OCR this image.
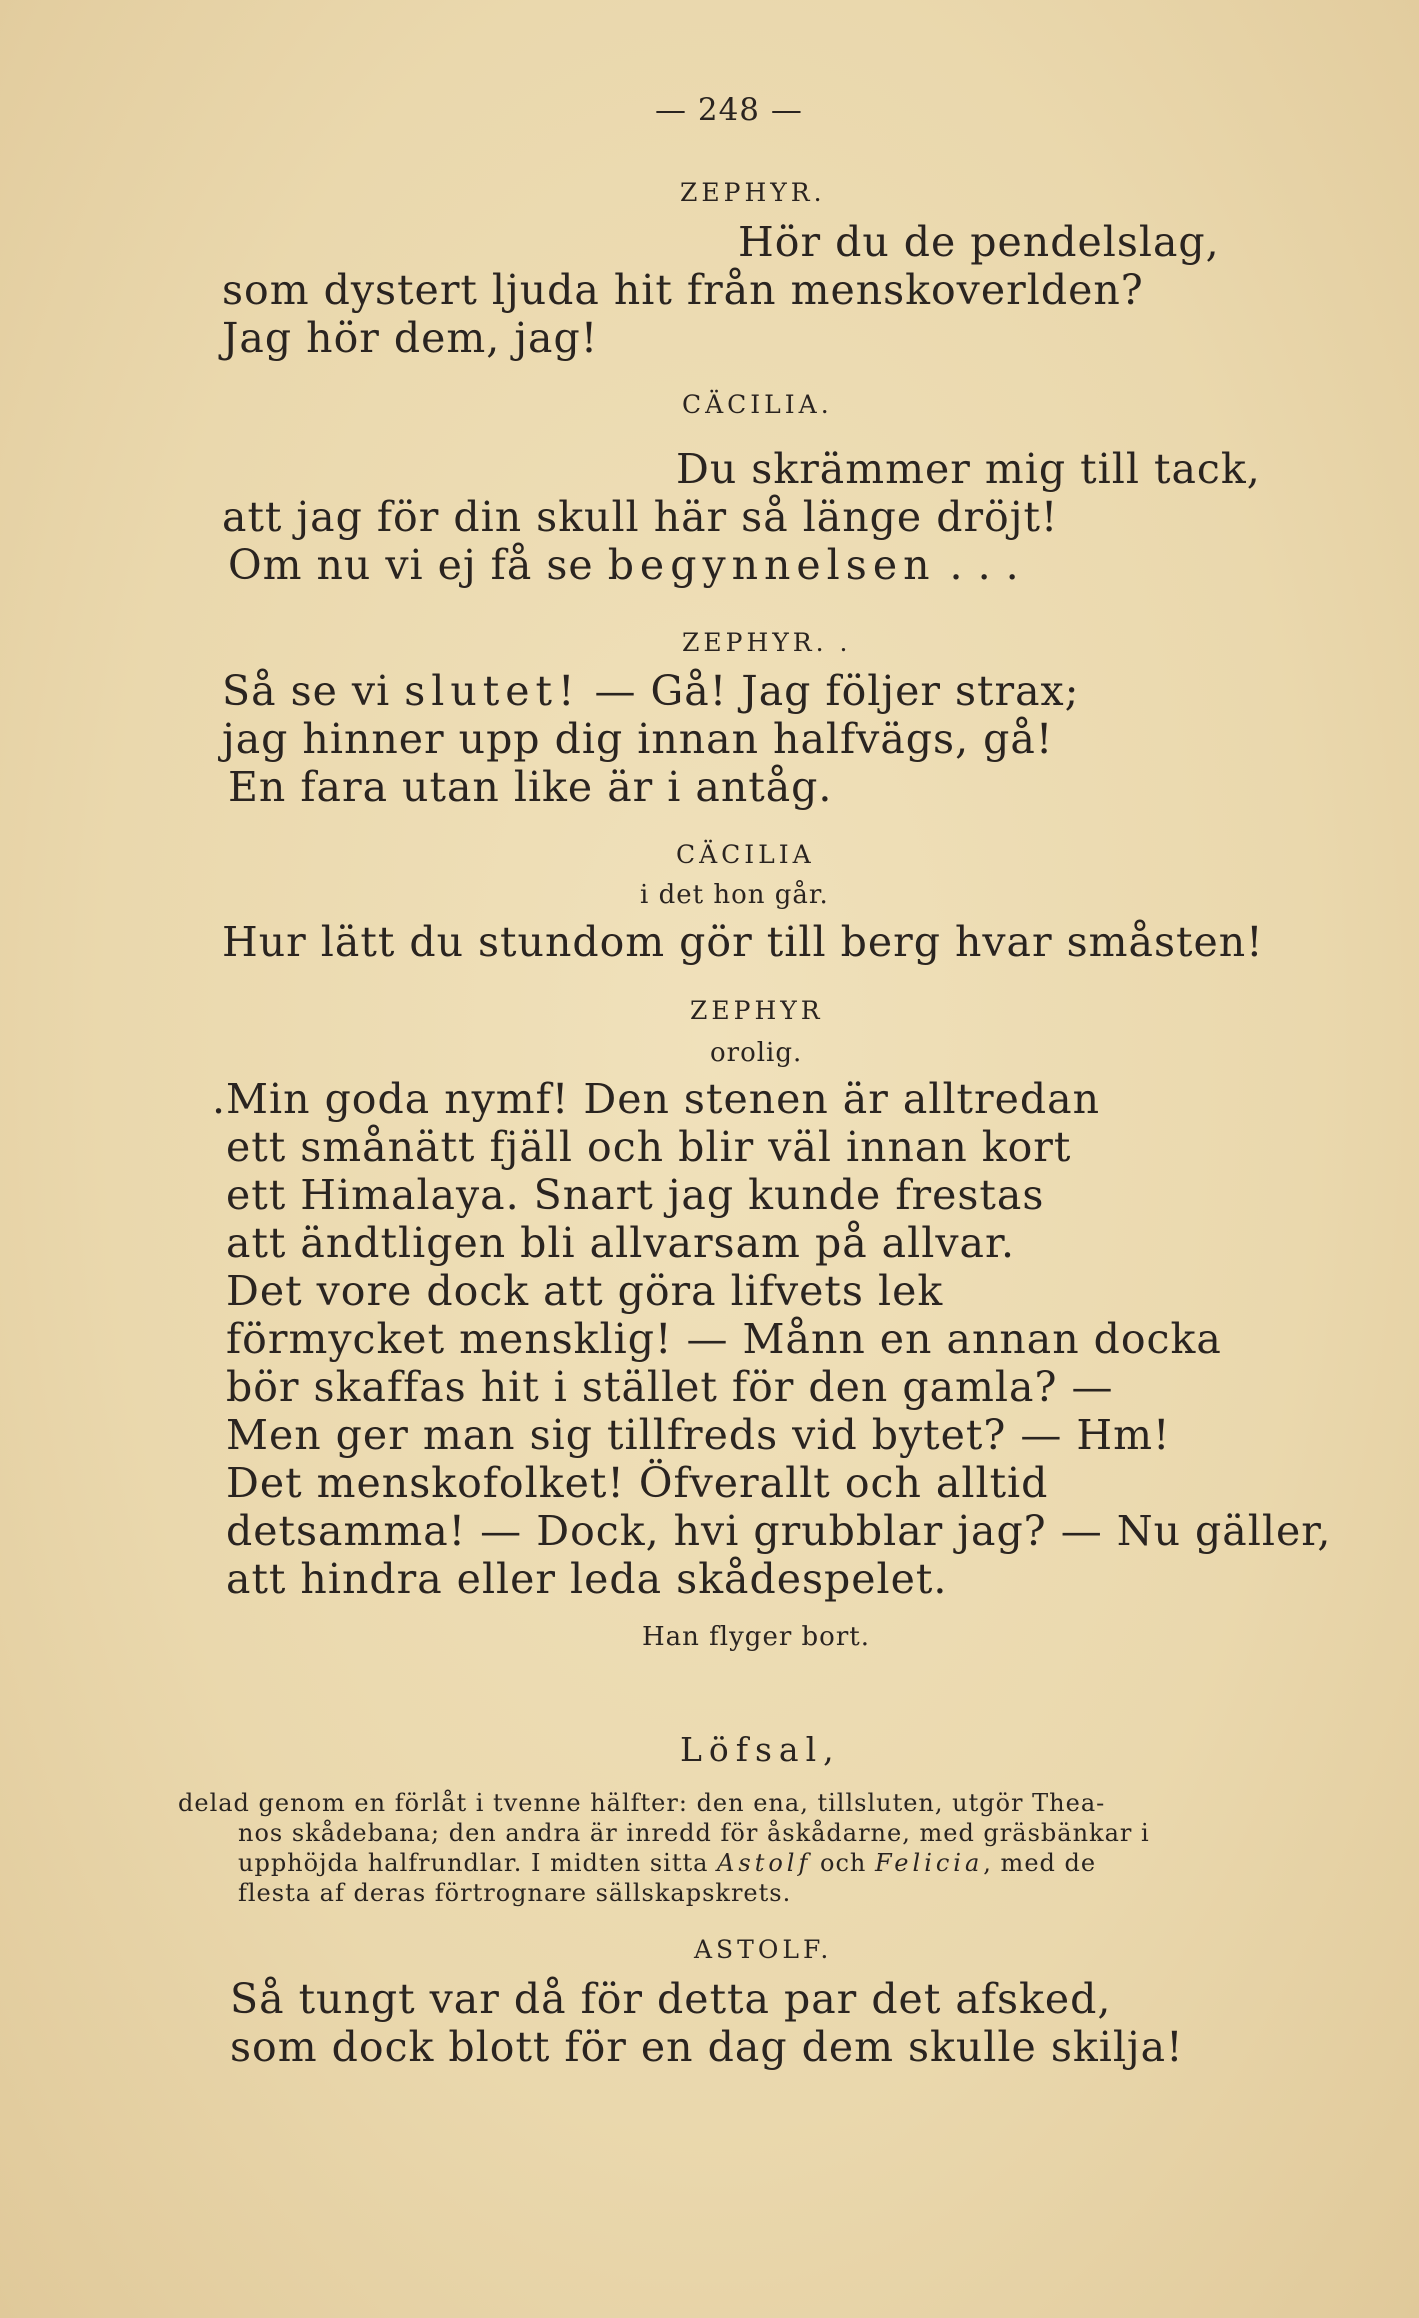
— 248 —

ZEPHYR.

Hör du de pendelslag,

som dystert ljuda hit från menskoverlden?

Jag hör dem, jag!

CÄCILIA.

Du skrämmer mig till tack,

att jag för din skull här så länge dröjt!

Om nu vi ej få se begynnelsen . . .

ZEPHYR. .

Så se vi slutet! — Gå! Jag följer strax;

jag hinner upp dig innan halfvägs, gå!

En fara utan like är i antåg.

CÄCILIA

i det hon går.

Hur lätt du stundom gör till berg hvar småsten!

ZEPHYR

orolig.

.Min goda nymf! Den stenen är alltredan

ett smånätt fjäll och blir väl innan kort

ett Himalaya. Snart jag kunde frestas

att ändtligen bli allvarsam på allvar.

Det vore dock att göra lifvets lek

förmycket mensklig! — Månn en annan docka

bör skaffas hit i stället för den gamla? —

Men ger man sig tillfreds vid bytet? — Hm!

Det menskofolket! Öfverallt och alltid

detsamma! — Dock, hvi grubblar jag? — Nu gäller,

att hindra eller leda skådespelet.

Han flyger bort.

Löfsal,

delad genom en förlåt i tvenne hälfter: den ena, tillsluten, utgör Thea-

nos skådebana; den andra är inredd för åskådarne, med gräsbänkar i

upphöjda halfrundlar. I midten sitta Astolf och Felicia, med de

flesta af deras förtrognare sällskapskrets.

ASTOLF.

Så tungt var då för detta par det afsked,

som dock blott för en dag dem skulle skilja!
